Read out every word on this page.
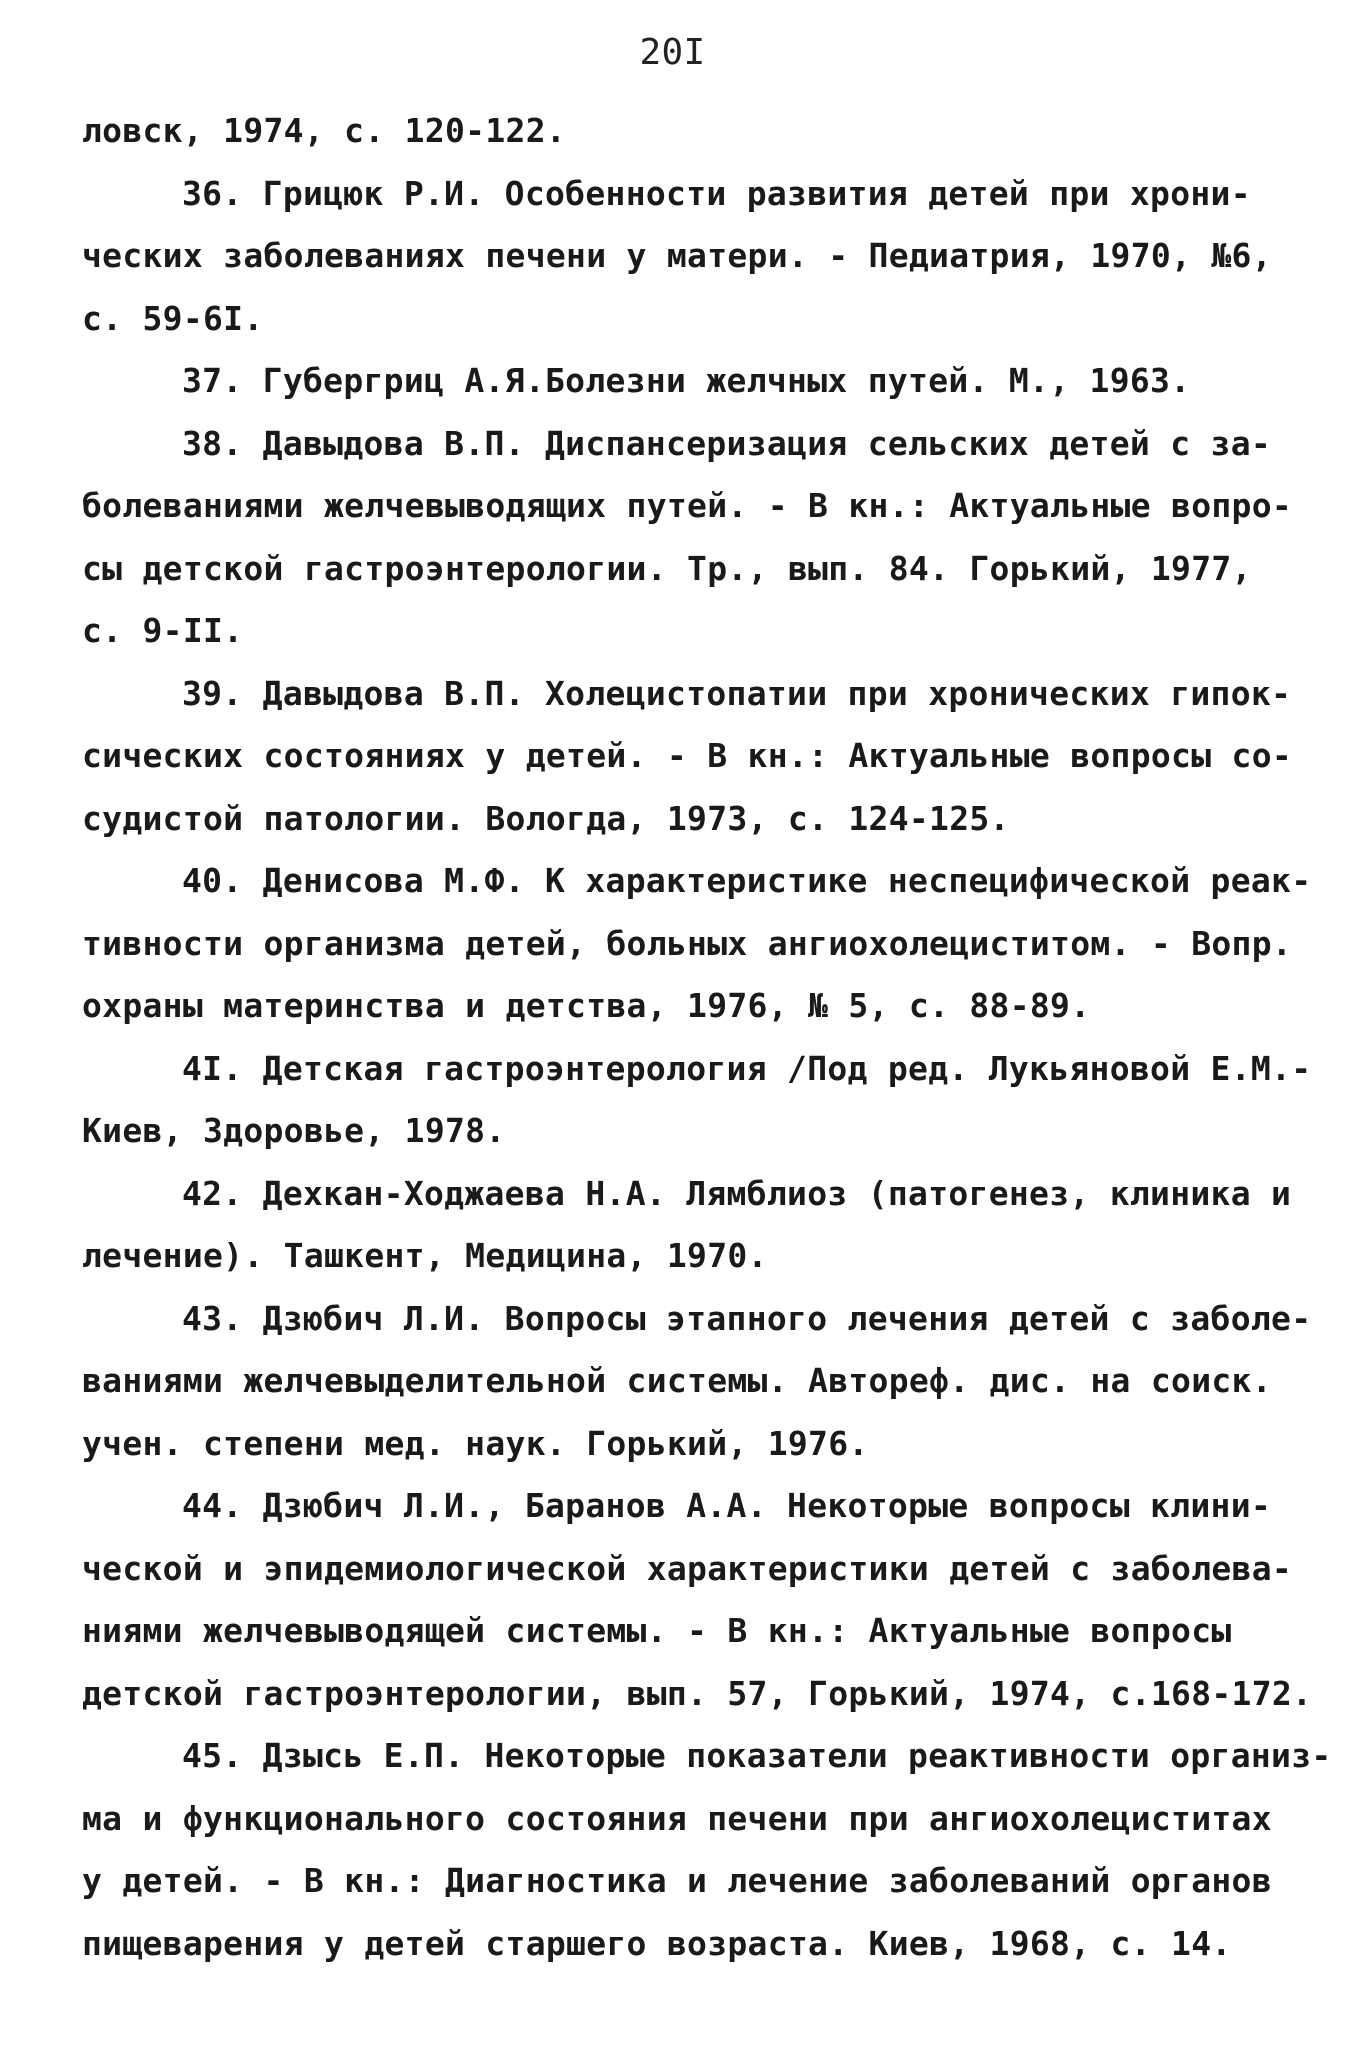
20I
ловск, 1974, с. 120-122.
36. Грицюк Р.И. Особенности развития детей при хрони-
ческих заболеваниях печени у матери. - Педиатрия, 1970, №6,
с. 59-6I.
37. Губергриц А.Я.Болезни желчных путей. М., 1963.
38. Давыдова В.П. Диспансеризация сельских детей с за-
болеваниями желчевыводящих путей. - В кн.: Актуальные вопро-
сы детской гастроэнтерологии. Тр., вып. 84. Горький, 1977,
с. 9-II.
39. Давыдова В.П. Холецистопатии при хронических гипок-
сических состояниях у детей. - В кн.: Актуальные вопросы со-
судистой патологии. Вологда, 1973, с. 124-125.
40. Денисова М.Ф. К характеристике неспецифической реак-
тивности организма детей, больных ангиохолециститом. - Вопр.
охраны материнства и детства, 1976, № 5, с. 88-89.
4I. Детская гастроэнтерология /Под ред. Лукьяновой Е.М.-
Киев, Здоровье, 1978.
42. Дехкан-Ходжаева Н.А. Лямблиоз (патогенез, клиника и
лечение). Ташкент, Медицина, 1970.
43. Дзюбич Л.И. Вопросы этапного лечения детей с заболе-
ваниями желчевыделительной системы. Автореф. дис. на соиск.
учен. степени мед. наук. Горький, 1976.
44. Дзюбич Л.И., Баранов А.А. Некоторые вопросы клини-
ческой и эпидемиологической характеристики детей с заболева-
ниями желчевыводящей системы. - В кн.: Актуальные вопросы
детской гастроэнтерологии, вып. 57, Горький, 1974, с.168-172.
45. Дзысь Е.П. Некоторые показатели реактивности организ-
ма и функционального состояния печени при ангиохолециститах
у детей. - В кн.: Диагностика и лечение заболеваний органов
пищеварения у детей старшего возраста. Киев, 1968, с. 14.
